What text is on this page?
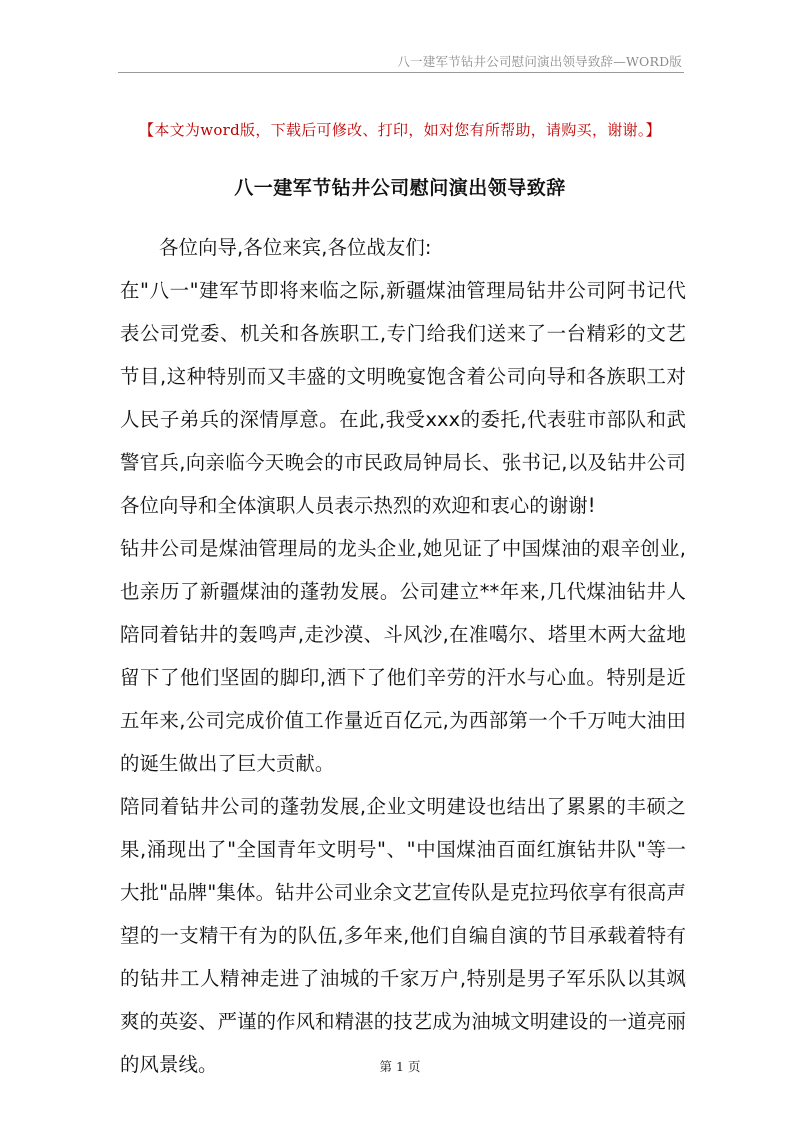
八一建军节钻井公司慰问演出领导致辞—WORD版
【本文为word版，下载后可修改、打印，如对您有所帮助，请购买，谢谢。】
八一建军节钻井公司慰问演出领导致辞

各位向导,各位来宾,各位战友们:

在"八一"建军节即将来临之际,新疆煤油管理局钻井公司阿书记代表公司党委、机关和各族职工,专门给我们送来了一台精彩的文艺节目,这种特别而又丰盛的文明晚宴饱含着公司向导和各族职工对人民子弟兵的深情厚意。在此,我受xxx的委托,代表驻市部队和武警官兵,向亲临今天晚会的市民政局钟局长、张书记,以及钻井公司各位向导和全体演职人员表示热烈的欢迎和衷心的谢谢!

钻井公司是煤油管理局的龙头企业,她见证了中国煤油的艰辛创业,也亲历了新疆煤油的蓬勃发展。公司建立**年来,几代煤油钻井人陪同着钻井的轰鸣声,走沙漠、斗风沙,在准噶尔、塔里木两大盆地留下了他们坚固的脚印,洒下了他们辛劳的汗水与心血。特别是近五年来,公司完成价值工作量近百亿元,为西部第一个千万吨大油田的诞生做出了巨大贡献。

陪同着钻井公司的蓬勃发展,企业文明建设也结出了累累的丰硕之果,涌现出了"全国青年文明号"、"中国煤油百面红旗钻井队"等一大批"品牌"集体。钻井公司业余文艺宣传队是克拉玛依享有很高声望的一支精干有为的队伍,多年来,他们自编自演的节目承载着特有的钻井工人精神走进了油城的千家万户,特别是男子军乐队以其飒爽的英姿、严谨的作风和精湛的技艺成为油城文明建设的一道亮丽的风景线。	第 1 页
